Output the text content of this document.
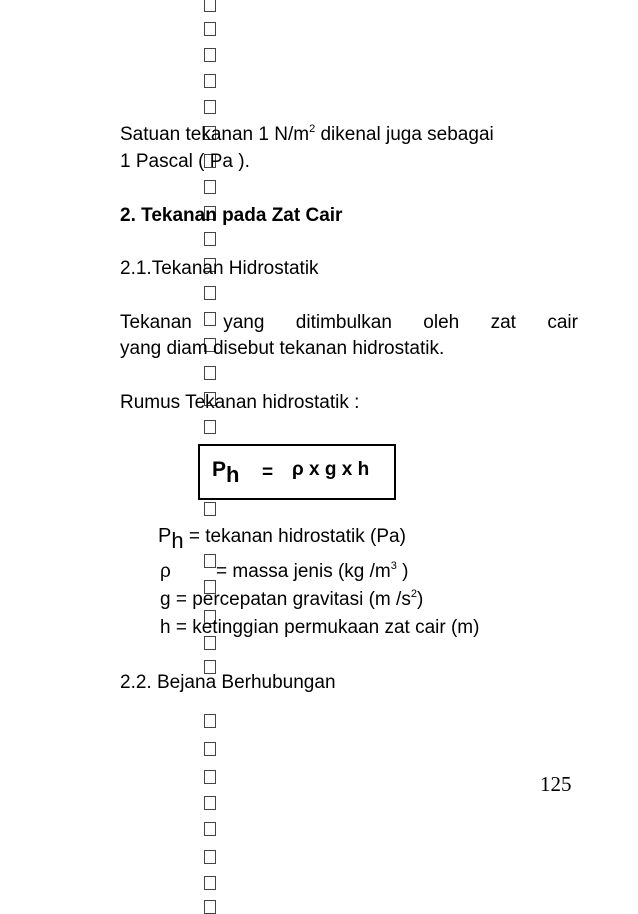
Satuan tekanan 1 $N/m^2$ dikenal juga sebagai
1 Pascal ( Pa ).
2. Tekanan pada Zat Cair
2.1.Tekanan Hidrostatik
Tekanan yang ditimbulkan oleh zat cair
yang diam disebut tekanan hidrostatik.
Rumus Tekanan hidrostatik :
Ph = ρ x g x h
Ph = tekanan hidrostatik (Pa)
ρ = massa jenis (kg $/m^3$ )
g = percepatan gravitasi (m $/s^2$)
h = ketinggian permukaan zat cair (m)
2.2. Bejana Berhubungan
125
